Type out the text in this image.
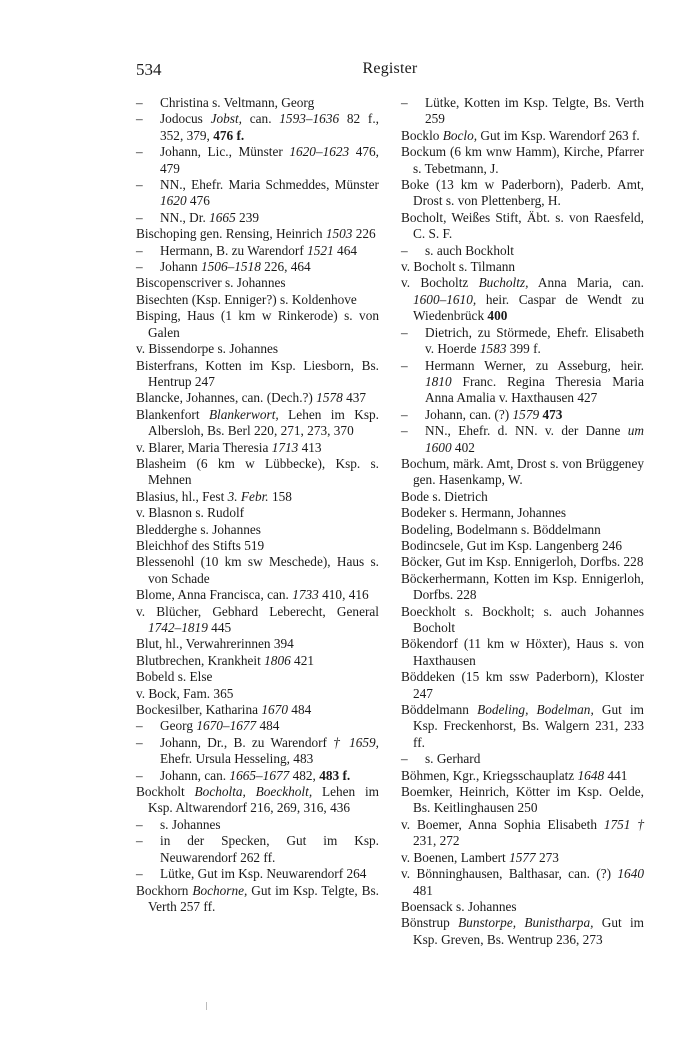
534	Register
– Christina s. Veltmann, Georg
– Jodocus Jobst, can. 1593–1636 82 f., 352, 379, 476 f.
– Johann, Lic., Münster 1620–1623 476, 479
– NN., Ehefr. Maria Schmeddes, Münster 1620 476
– NN., Dr. 1665 239
Bischoping gen. Rensing, Heinrich 1503 226
– Hermann, B. zu Warendorf 1521 464
– Johann 1506–1518 226, 464
Biscopenscriver s. Johannes
Bisechten (Ksp. Enniger?) s. Koldenhove
Bisping, Haus (1 km w Rinkerode) s. von Galen
v. Bissendorpe s. Johannes
Bisterfrans, Kotten im Ksp. Liesborn, Bs. Hentrup 247
Blancke, Johannes, can. (Dech.?) 1578 437
Blankenfort Blankerwort, Lehen im Ksp. Albersloh, Bs. Berl 220, 271, 273, 370
v. Blarer, Maria Theresia 1713 413
Blasheim (6 km w Lübbecke), Ksp. s. Mehnen
Blasius, hl., Fest 3. Febr. 158
v. Blasnon s. Rudolf
Bledderghe s. Johannes
Bleichhof des Stifts 519
Blessenohl (10 km sw Meschede), Haus s. von Schade
Blome, Anna Francisca, can. 1733 410, 416
v. Blücher, Gebhard Leberecht, General 1742–1819 445
Blut, hl., Verwahrerinnen 394
Blutbrechen, Krankheit 1806 421
Bobeld s. Else
v. Bock, Fam. 365
Bockesilber, Katharina 1670 484
– Georg 1670–1677 484
– Johann, Dr., B. zu Warendorf † 1659, Ehefr. Ursula Hesseling, 483
– Johann, can. 1665–1677 482, 483 f.
Bockholt Bocholta, Boeckholt, Lehen im Ksp. Altwarendorf 216, 269, 316, 436
– s. Johannes
– in der Specken, Gut im Ksp. Neuwarendorf 262 ff.
– Lütke, Gut im Ksp. Neuwarendorf 264
Bockhorn Bochorne, Gut im Ksp. Telgte, Bs. Verth 257 ff.
– Lütke, Kotten im Ksp. Telgte, Bs. Verth 259
Bocklo Boclo, Gut im Ksp. Warendorf 263 f.
Bockum (6 km wnw Hamm), Kirche, Pfarrer s. Tebetmann, J.
Boke (13 km w Paderborn), Paderb. Amt, Drost s. von Plettenberg, H.
Bocholt, Weißes Stift, Äbt. s. von Raesfeld, C. S. F.
– s. auch Bockholt
v. Bocholt s. Tilmann
v. Bocholtz Bucholtz, Anna Maria, can. 1600–1610, heir. Caspar de Wendt zu Wiedenbrück 400
– Dietrich, zu Störmede, Ehefr. Elisabeth v. Hoerde 1583 399 f.
– Hermann Werner, zu Asseburg, heir. 1810 Franc. Regina Theresia Maria Anna Amalia v. Haxthausen 427
– Johann, can. (?) 1579 473
– NN., Ehefr. d. NN. v. der Danne um 1600 402
Bochum, märk. Amt, Drost s. von Brüggeney gen. Hasenkamp, W.
Bode s. Dietrich
Bodeker s. Hermann, Johannes
Bodeling, Bodelmann s. Böddelmann
Bodincsele, Gut im Ksp. Langenberg 246
Böcker, Gut im Ksp. Ennigerloh, Dorfbs. 228
Böckerhermann, Kotten im Ksp. Ennigerloh, Dorfbs. 228
Boeckholt s. Bockholt; s. auch Johannes Bocholt
Bökendorf (11 km w Höxter), Haus s. von Haxthausen
Böddeken (15 km ssw Paderborn), Kloster 247
Böddelmann Bodeling, Bodelman, Gut im Ksp. Freckenhorst, Bs. Walgern 231, 233 ff.
– s. Gerhard
Böhmen, Kgr., Kriegsschauplatz 1648 441
Boemker, Heinrich, Kötter im Ksp. Oelde, Bs. Keitlinghausen 250
v. Boemer, Anna Sophia Elisabeth 1751 † 231, 272
v. Boenen, Lambert 1577 273
v. Bönninghausen, Balthasar, can. (?) 1640 481
Boensack s. Johannes
Bönstrup Bunstorpe, Bunistharpa, Gut im Ksp. Greven, Bs. Wentrup 236, 273
